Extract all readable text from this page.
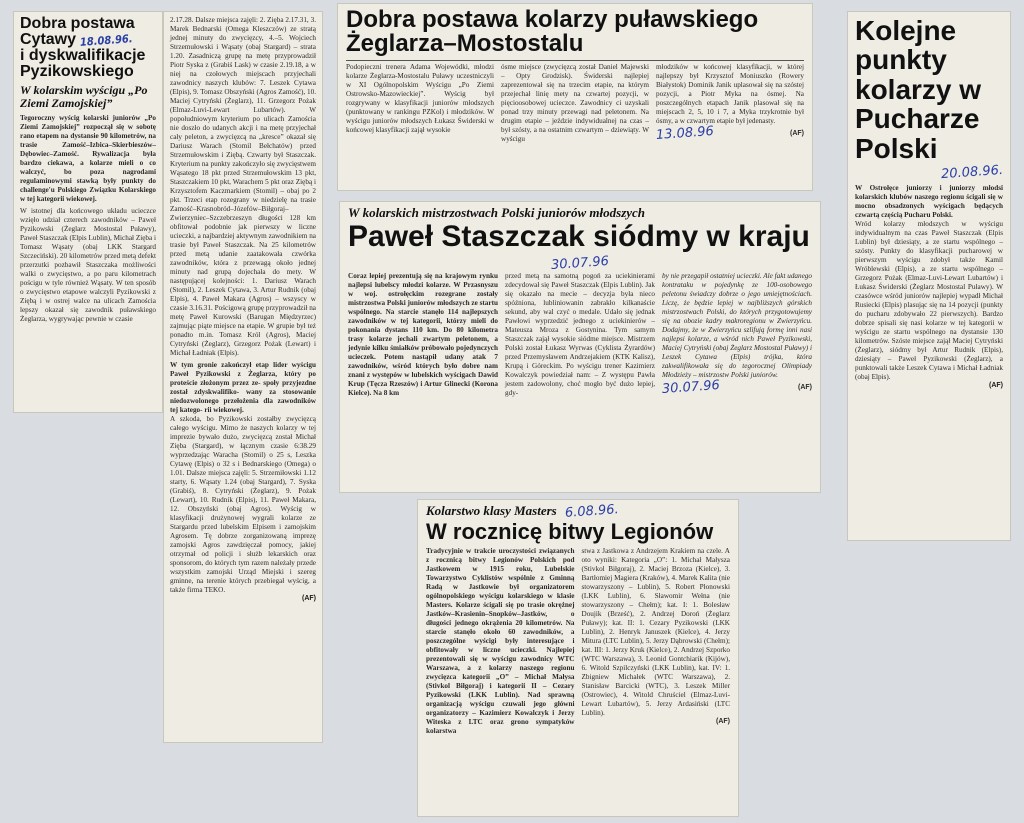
Dobra postawa Cytawy 18.08.96.
i dyskwalifikacje Pyzikowskiego
W kolarskim wyścigu „Po Ziemi Zamojskiej”
Tegoroczny wyścig kolarski juniorów „Po Ziemi Zamojskiej” rozpoczął się w sobotę rano etapem na dystansie 90 kilometrów, na trasie Zamość–Izbica–Skierbieszów–Dębowiec–Zamość. Rywalizacja była bardzo ciekawa, a kolarze mieli o co walczyć, bo poza nagrodami regulaminowymi stawką były punkty do challenge'u Polskiego Związku Kolarskiego w tej kategorii wiekowej.
W istotnej dla końcowego układu ucieczce wzięło udział czterech zawodników – Paweł Pyzikowski (Żeglarz Mostostal Puławy), Paweł Staszczak (Elpis Lublin), Michał Zięba i Tomasz Wąsaty (obaj LKK Stargard Szczeciński). 20 kilometrów przed metą defekt przerzutki pozbawił Staszczaka możliwości walki o zwycięstwo, a po paru kilometrach pościgu w tyle również Wąsaty. W ten sposób o zwycięstwo etapowe walczyli Pyzikowski z Ziębą i w ostrej walce na ulicach Zamościa lepszy okazał się zawodnik puławskiego Żeglarza, wygrywając pewnie w czasie
2.17.28. Dalsze miejsca zajęli: 2. Zięba 2.17.31, 3. Marek Bednarski (Omega Kleszczów) ze stratą jednej minuty do zwycięzcy, 4.–5. Wojciech Strzemułowski i Wąsaty (obaj Stargard) – strata 1.20. Zasadniczą grupę na metę przyprowadził Piotr Syska z (Grabiś Lask) w czasie 2.19.18, a w niej na czołowych miejscach przyjechali zawodnicy naszych klubów: 7. Leszek Cytawa (Elpis), 9. Tomasz Obszyński (Agros Zamość), 10. Maciej Cytryński (Żeglarz), 11. Grzegorz Pożak (Elmaz-Luvi-Lewart Lubartów). W popołudniowym kryterium po ulicach Zamościa nie doszło do udanych akcji i na metę przyjechał cały peleton, a zwycięzcą na „kresce” okazał się Dariusz Warach (Stomil Bełchatów) przed Strzemułowskim i Ziębą. Czwarty był Staszczak. Kryterium na punkty zakończyło się zwycięstwem Wąsatego 18 pkt przed Strzemułowskim 13 pkt, Staszczakiem 10 pkt, Warachem 5 pkt oraz Ziębą i Krzysztofem Kaczmarkiem (Stomil) – obaj po 2 pkt. Trzeci etap rozegrany w niedzielę na trasie Zamość–Krasnobród–Józefów–Biłgoraj–Zwierzyniec–Szczebrzeszyn długości 128 km obfitował podobnie jak pierwszy w liczne ucieczki, a najbardziej aktywnym zawodnikiem na trasie był Paweł Staszczak. Na 25 kilometrów przed metą udanie zaatakowała czwórka zawodników, która z przewagą około jednej minuty nad grupą dojechała do mety. W następującej kolejności: 1. Dariusz Warach (Stomil), 2. Leszek Cytawa, 3. Artur Rudnik (obaj Elpis), 4. Paweł Makara (Agros) – wszyscy w czasie 3.16.31. Pościgową grupę przyprowadził na metę Paweł Kurowski (Barugan Międzyrzec) zajmując piąte miejsce na etapie. W grupie był też ponadto m.in. Tomasz Król (Agros), Maciej Cytryński (Żeglarz), Grzegorz Pożak (Lewart) i Michał Ładniak (Elpis).
W tym gronie zakończył etap lider wyścigu Paweł Pyzikowski z Żeglarza, który po proteście złożonym przez ze- społy przyjezdne został zdyskwalifiko- wany za stosowanie niedozwolonego przełożenia dla zawodników tej katego- rii wiekowej.
A szkoda, bo Pyzikowski zostałby zwycięzcą całego wyścigu. Mimo że naszych kolarzy w tej imprezie bywało dużo, zwycięzcą został Michał Zięba (Stargard), w łącznym czasie 6:38.29 wyprzedzając Waracha (Stomil) o 25 s, Leszka Cytawę (Elpis) o 32 s i Bednarskiego (Omega) o 1.01. Dalsze miejsca zajęli: 5. Strzemiłowski 1.12 starty, 6. Wąsaty 1.24 (obaj Stargard), 7. Syska (Grabiś), 8. Cytryński (Żeglarz), 9. Pożak (Lewart), 10. Rudnik (Elpis), 11. Paweł Makara, 12. Obszyński (obaj Agros). Wyścig w klasyfikacji drużynowej wygrali kolarze ze Stargardu przed lubelskim Elpisem i zamojskim Agrosem. Tę dobrze zorganizowaną imprezę zamojski Agros zawdzięczał pomocy, jakiej otrzymał od policji i służb lekarskich oraz sponsorom, do których tym razem należały przede wszystkim zamojski Urząd Miejski i szereg gminne, na terenie których przebiegał wyścig, a także firma TEKO.
(AF)
Dobra postawa kolarzy puławskiego Żeglarza–Mostostalu
Podopieczni trenera Adama Wojewódki, młodzi kolarze Żeglarza-Mostostalu Puławy uczestniczyli w XI Ogólnopolskim Wyścigu „Po Ziemi Ostrowsko-Mazowieckiej”. Wyścig był rozgrywany w klasyfikacji juniorów młodszych (punktowany w rankingu PZKol) i młodzików. W wyścigu juniorów młodszych Łukasz Świderski w końcowej klasyfikacji zajął wysokie
ósme miejsce (zwycięzcą został Daniel Majewski – Opty Grodzisk). Świderski najlepiej zaprezentował się na trzecim etapie, na którym przejechał linię mety na czwartej pozycji, w pięcioosobowej ucieczce. Zawodnicy ci uzyskali ponad trzy minuty przewagi nad peletonem. Na drugim etapie – jeździe indywidualnej na czas – był szósty, a na ostatnim czwartym – dziewiąty. W wyścigu
młodzików w końcowej klasyfikacji, w której najlepszy był Krzysztof Moniuszko (Rowery Białystok) Dominik Janik uplasował się na szóstej pozycji, a Piotr Myka na ósmej. Na poszczególnych etapach Janik plasował się na miejscach 2, 5, 10 i 7, a Myka trzykrotnie był ósmy, a w czwartym etapie był jedenasty.
13.08.96	(AF)
W kolarskich mistrzostwach Polski juniorów młodszych
Paweł Staszczak siódmy w kraju
30.07.96
Coraz lepiej prezentują się na krajowym rynku najlepsi lubelscy młodzi kolarze. W Przasnyszu w woj. ostrołęckim rozegrane zostały mistrzostwa Polski juniorów młodszych ze startu wspólnego. Na starcie stanęło 114 najlepszych zawodników w tej kategorii, którzy mieli do pokonania dystans 110 km. Do 80 kilometra trasy kolarze jechali zwartym peletonem, a jedynie kilku śmiałków próbowało pojedynczych ucieczek. Potem nastąpił udany atak 7 zawodników, wśród których było dobre nam znani z występów w lubelskich wyścigach Dawid Krup (Tęcza Rzeszów) i Artur Glinecki (Korona Kielce). Na 8 km
przed metą na samotną pogoń za uciekinierami zdecydował się Paweł Staszczak (Elpis Lublin). Jak się okazało na mecie – decyzja była nieco spóźniona, lubliniowanin zabrakło kilkanaście sekund, aby wal czyć o medale. Udało się jednak Pawłowi wyprzedzić jednego z uciekinierów – Mateusza Mroza z Gostynina. Tym samym Staszczak zajął wysokie siódme miejsce. Mistrzem Polski został Łukasz Wyrwas (Cyklista Żyrardów) przed Przemysławem Andrzejakiem (KTK Kalisz), Krupą i Góreckim. Po wyścigu trener Kazimierz Kowalczyk powiedział nam: – Z występu Pawła jestem zadowolony, choć mogło być dużo lepiej, gdy-
by nie przegapił ostatniej ucieczki. Ale fakt udanego kontrataku w pojedynkę ze 100-osobowego peletonu świadczy dobrze o jego umiejętnościach. Liczę, że będzie lepiej w najbliższych górskich mistrzostwach Polski, do których przygotowujemy się na obozie kadry makroregionu w Zwierzyńcu. Dodajmy, że w Zwierzyńcu szlifują formę inni nasi najlepsi kolarze, a wśród nich Paweł Pyzikowski, Maciej Cytryński (obaj Żeglarz Mostostal Puławy) i Leszek Cytawa (Elpis) trójka, która zakwalifikowała się do tegorocznej Olimpiady Młodzieży – mistrzostw Polski juniorów.
30.07.96	(AF)
Kolarstwo klasy Masters 6.08.96.
W rocznicę bitwy Legionów
Tradycyjnie w trakcie uroczystości związanych z rocznicą bitwy Legionów Polskich pod Jastkowem w 1915 roku, Lubelskie Towarzystwo Cyklistów wspólnie z Gminną Radą w Jastkowie był organizatorem ogólnopolskiego wyścigu kolarskiego w klasie Masters. Kolarze ścigali się po trasie okrężnej Jastków–Krasienin–Snopków–Jastków, o długości jednego okrążenia 20 kilometrów. Na starcie stanęło około 60 zawodników, a poszczególne wyścigi były interesujące i obfitowały w liczne ucieczki. Najlepiej prezentowali się w wyścigu zawodnicy WTC Warszawa, a z kolarzy naszego regionu zwycięzca kategorii „O” – Michał Małysa (Stivkol Biłgoraj) i kategorii II – Cezary Pyzikowski (LKK Lublin). Nad sprawną organizacją wyścigu czuwali jego główni organizatorzy – Kazimierz Kowalczyk i Jerzy Witeska z LTC oraz grono sympatyków kolarstwa
stwa z Jastkowa z Andrzejem Krakiem na czele. A oto wyniki: Kategoria „O”: 1. Michał Małysza (Stivkol Biłgoraj), 2. Maciej Brzoza (Kielce), 3. Bartłomiej Magiera (Kraków), 4. Marek Kalita (nie stowarzyszony – Lublin), 5. Robert Płonowski (LKK Lublin), 6. Sławomir Wełna (nie stowarzyszony – Chełm); kat. I: 1. Bolesław Doujik (Brześć), 2. Andrzej Doroń (Żeglarz Puławy); kat. II: 1. Cezary Pyzikowski (LKK Lublin), 2. Henryk Januszek (Kielce), 4. Jerzy Mitura (LTC Lublin), 5. Jerzy Dąbrowski (Chełm); kat. III: 1. Jerzy Kruk (Kielce), 2. Andrzej Szporko (WTC Warszawa), 3. Leonid Gontchiarik (Kijów), 6. Witold Szpilczyński (LKK Lublin), kat. IV: 1. Zbigniew Michałek (WTC Warszawa), 2. Stanisław Barcicki (WTC), 3. Leszek Miller (Ostrowiec), 4. Witold Chruściel (Elmaz-Luvi-Lewart Lubartów), 5. Jerzy Ardasiński (LTC Lublin).
(AF)
Kolejne punkty kolarzy w Pucharze Polski
20.08.96.
W Ostrołęce juniorzy i juniorzy młodsi kolarskich klubów naszego regionu ścigali się w mocno obsadzonych wyścigach będących czwartą częścią Pucharu Polski.
Wród kolarzy młodszych w wyścigu indywidualnym na czas Paweł Staszczak (Elpis Lublin) był dziesiąty, a ze startu wspólnego – szósty. Punkty do klasyfikacji pucharowej w pierwszym wyścigu zdobył także Kamil Wróblewski (Elpis), a ze startu wspólnego – Grzegorz Pożak (Elmaz-Luvi-Lewart Lubartów) i Łukasz Świderski (Żeglarz Mostostal Puławy). W czasówce wśród juniorów najlepiej wypadł Michał Rusiecki (Elpis) plasując się na 14 pozycji (punkty do pucharu zdobywało 22 pierwszych). Bardzo dobrze spisali się nasi kolarze w tej kategorii w wyścigu ze startu wspólnego na dystansie 130 kilometrów. Szóste miejsce zajął Maciej Cytryński (Żeglarz), siódmy był Artur Rudnik (Elpis), dziesiąty – Paweł Pyzikowski (Żeglarz), a punktowali także Leszek Cytawa i Michał Ładniak (obaj Elpis).
(AF)
